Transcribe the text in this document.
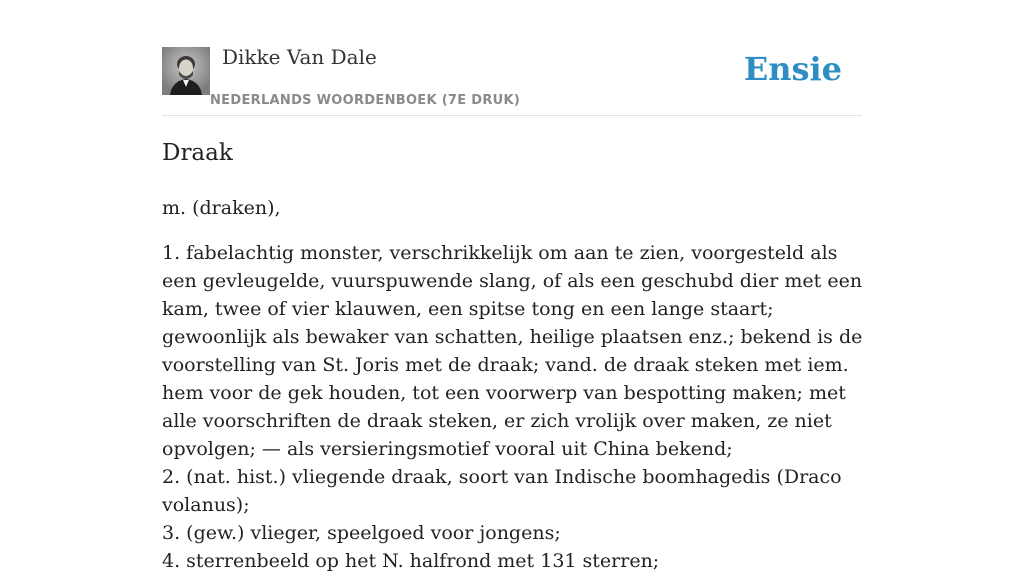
Dikke Van Dale
NEDERLANDS WOORDENBOEK (7E DRUK)
Ensie
Draak
m. (draken),

1. fabelachtig monster, verschrikkelijk om aan te zien, voorgesteld als een gevleugelde, vuurspuwende slang, of als een geschubd dier met een kam, twee of vier klauwen, een spitse tong en een lange staart; gewoonlijk als bewaker van schatten, heilige plaatsen enz.; bekend is de voorstelling van St. Joris met de draak; vand. de draak steken met iem. hem voor de gek houden, tot een voorwerp van bespotting maken; met alle voorschriften de draak steken, er zich vrolijk over maken, ze niet opvolgen; — als versieringsmotief vooral uit China bekend;

2. (nat. hist.) vliegende draak, soort van Indische boomhagedis (Draco volanus);

3. (gew.) vlieger, speelgoed voor jongens;

4. sterrenbeeld op het N. halfrond met 131 sterren;
